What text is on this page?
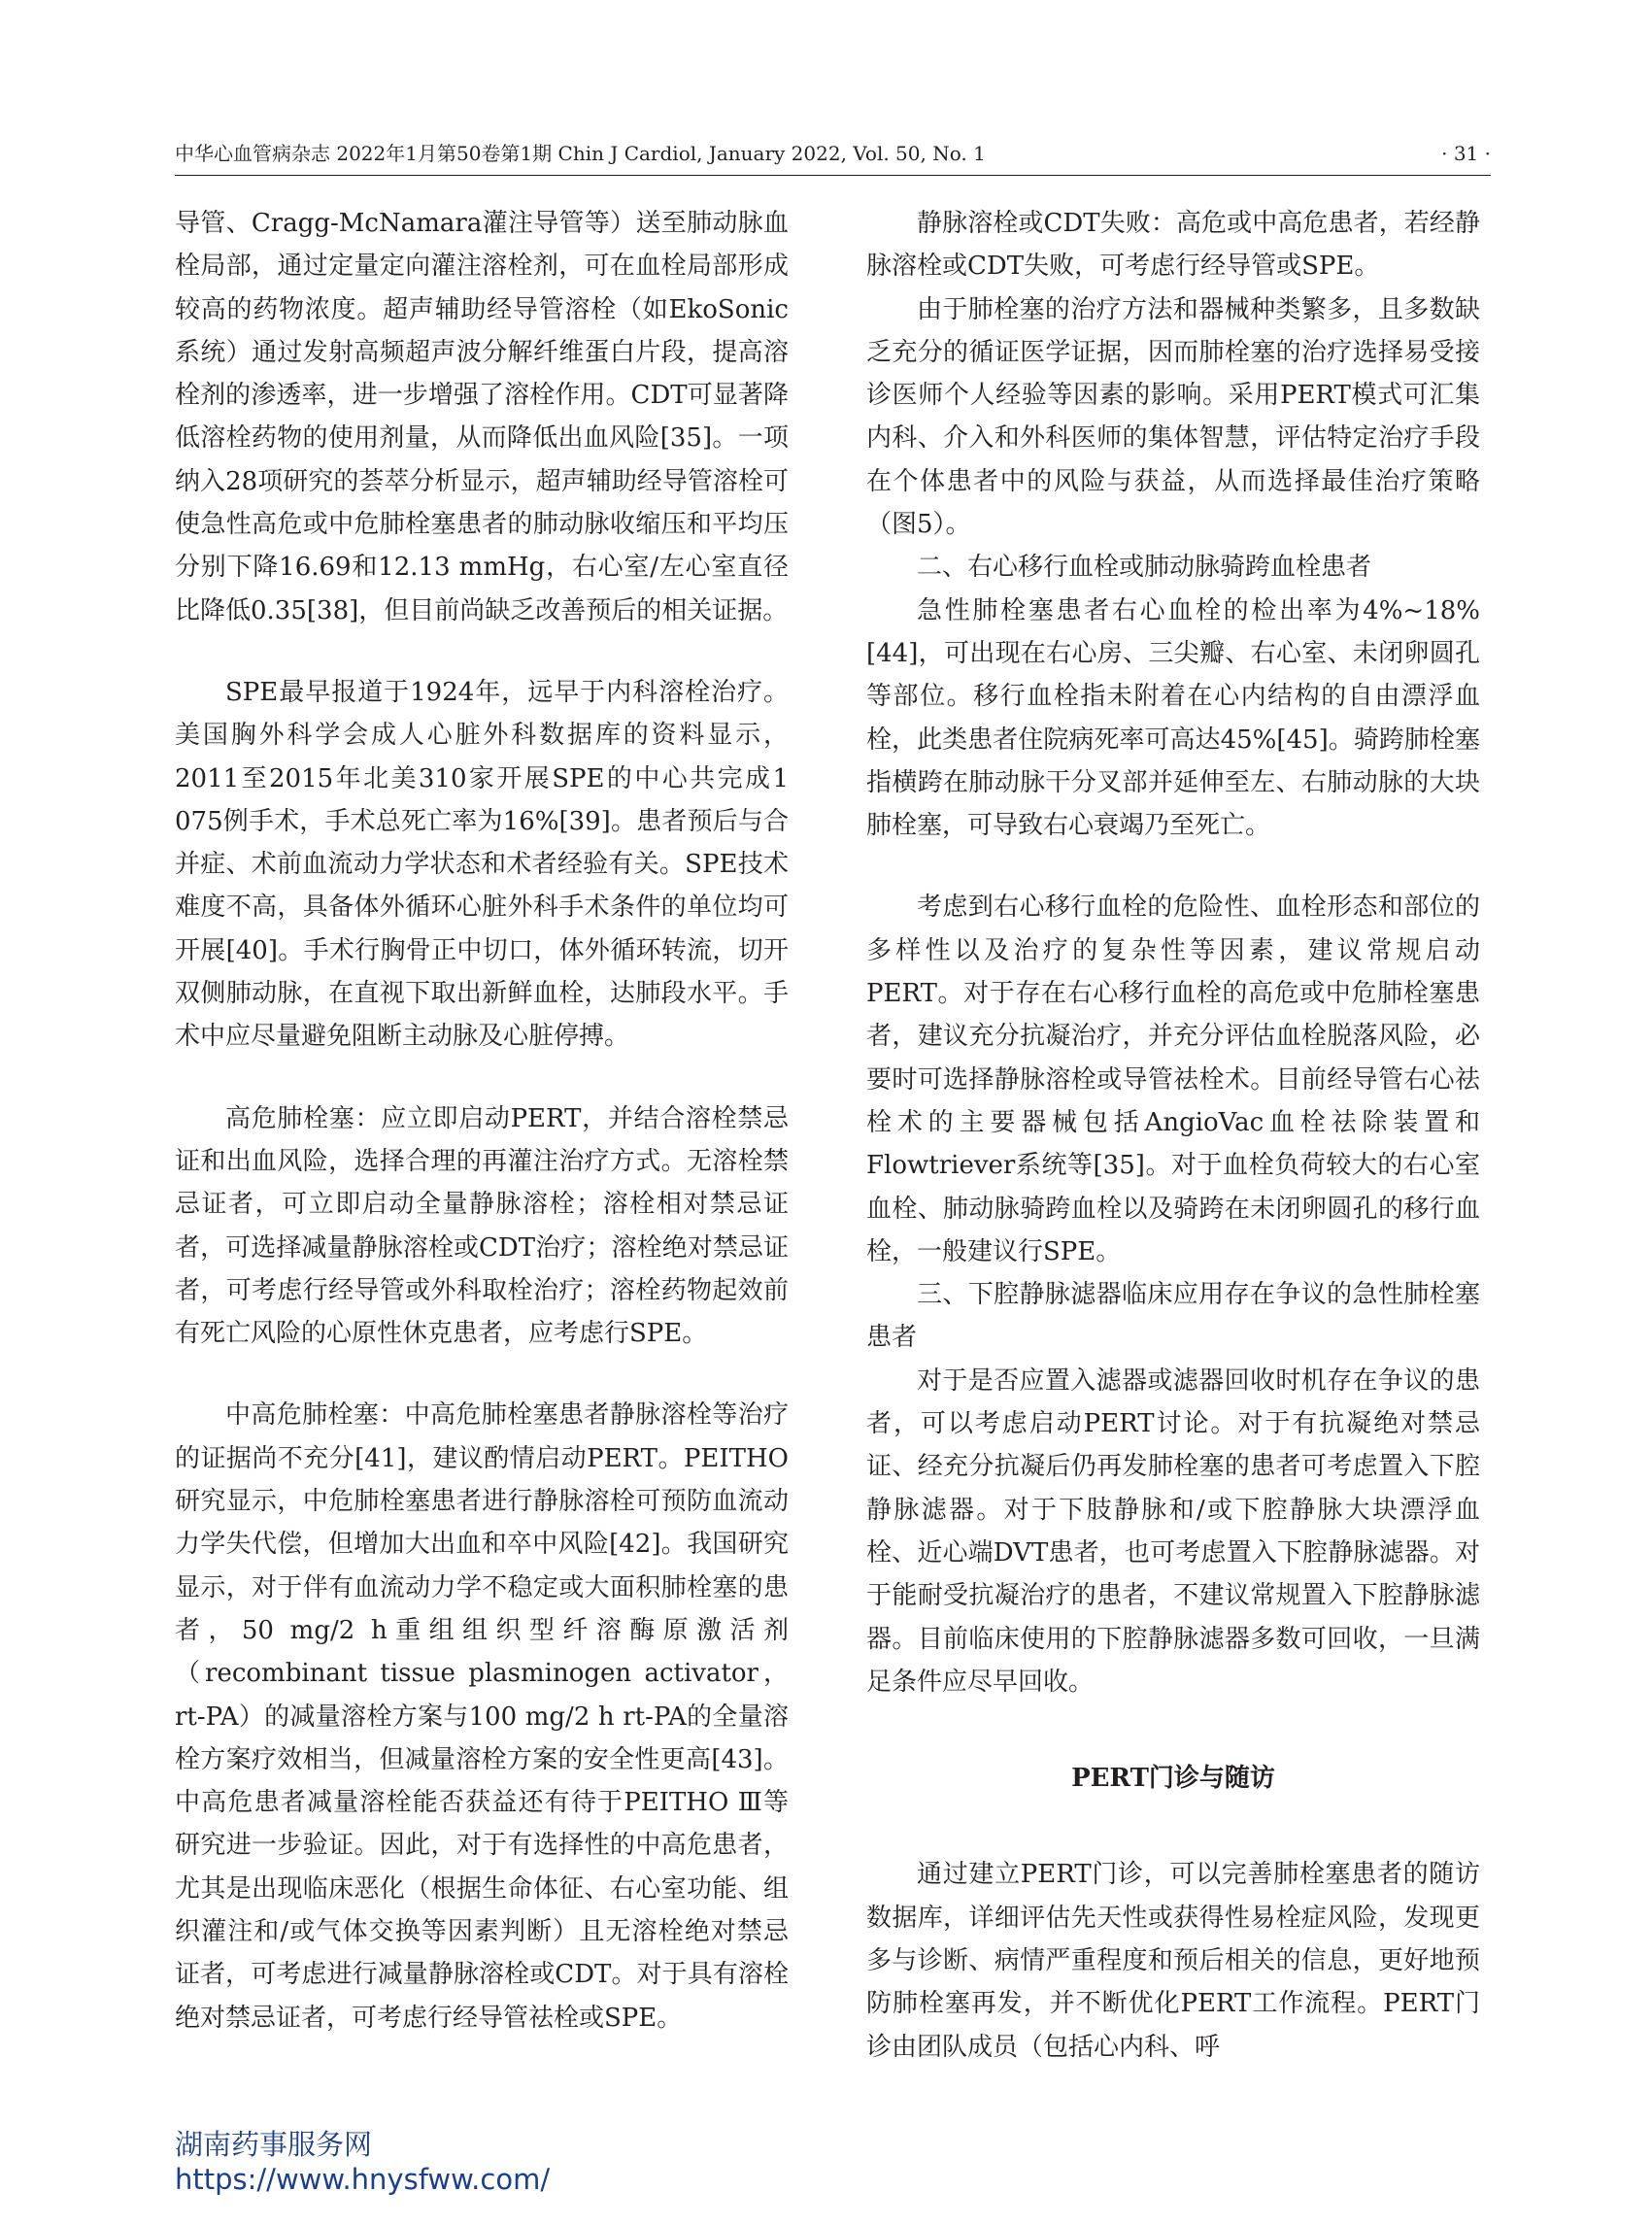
中华心血管病杂志 2022年1月第50卷第1期 Chin J Cardiol, January 2022, Vol. 50, No. 1	· 31 ·

导管、Cragg-McNamara灌注导管等）送至肺动脉血栓局部，通过定量定向灌注溶栓剂，可在血栓局部形成较高的药物浓度。超声辅助经导管溶栓（如EkoSonic系统）通过发射高频超声波分解纤维蛋白片段，提高溶栓剂的渗透率，进一步增强了溶栓作用。CDT可显著降低溶栓药物的使用剂量，从而降低出血风险[35]。一项纳入28项研究的荟萃分析显示，超声辅助经导管溶栓可使急性高危或中危肺栓塞患者的肺动脉收缩压和平均压分别下降16.69和12.13 mmHg，右心室/左心室直径比降低0.35[38]，但目前尚缺乏改善预后的相关证据。

SPE最早报道于1924年，远早于内科溶栓治疗。美国胸外科学会成人心脏外科数据库的资料显示，2011至2015年北美310家开展SPE的中心共完成1 075例手术，手术总死亡率为16%[39]。患者预后与合并症、术前血流动力学状态和术者经验有关。SPE技术难度不高，具备体外循环心脏外科手术条件的单位均可开展[40]。手术行胸骨正中切口，体外循环转流，切开双侧肺动脉，在直视下取出新鲜血栓，达肺段水平。手术中应尽量避免阻断主动脉及心脏停搏。

高危肺栓塞：应立即启动PERT，并结合溶栓禁忌证和出血风险，选择合理的再灌注治疗方式。无溶栓禁忌证者，可立即启动全量静脉溶栓；溶栓相对禁忌证者，可选择减量静脉溶栓或CDT治疗；溶栓绝对禁忌证者，可考虑行经导管或外科取栓治疗；溶栓药物起效前有死亡风险的心原性休克患者，应考虑行SPE。

中高危肺栓塞：中高危肺栓塞患者静脉溶栓等治疗的证据尚不充分[41]，建议酌情启动PERT。PEITHO研究显示，中危肺栓塞患者进行静脉溶栓可预防血流动力学失代偿，但增加大出血和卒中风险[42]。我国研究显示，对于伴有血流动力学不稳定或大面积肺栓塞的患者，50 mg/2 h重组组织型纤溶酶原激活剂（recombinant tissue plasminogen activator，rt-PA）的减量溶栓方案与100 mg/2 h rt-PA的全量溶栓方案疗效相当，但减量溶栓方案的安全性更高[43]。中高危患者减量溶栓能否获益还有待于PEITHO Ⅲ等研究进一步验证。因此，对于有选择性的中高危患者，尤其是出现临床恶化（根据生命体征、右心室功能、组织灌注和/或气体交换等因素判断）且无溶栓绝对禁忌证者，可考虑进行减量静脉溶栓或CDT。对于具有溶栓绝对禁忌证者，可考虑行经导管祛栓或SPE。

静脉溶栓或CDT失败：高危或中高危患者，若经静脉溶栓或CDT失败，可考虑行经导管或SPE。

由于肺栓塞的治疗方法和器械种类繁多，且多数缺乏充分的循证医学证据，因而肺栓塞的治疗选择易受接诊医师个人经验等因素的影响。采用PERT模式可汇集内科、介入和外科医师的集体智慧，评估特定治疗手段在个体患者中的风险与获益，从而选择最佳治疗策略（图5）。

二、右心移行血栓或肺动脉骑跨血栓患者

急性肺栓塞患者右心血栓的检出率为4%~18%[44]，可出现在右心房、三尖瓣、右心室、未闭卵圆孔等部位。移行血栓指未附着在心内结构的自由漂浮血栓，此类患者住院病死率可高达45%[45]。骑跨肺栓塞指横跨在肺动脉干分叉部并延伸至左、右肺动脉的大块肺栓塞，可导致右心衰竭乃至死亡。

考虑到右心移行血栓的危险性、血栓形态和部位的多样性以及治疗的复杂性等因素，建议常规启动PERT。对于存在右心移行血栓的高危或中危肺栓塞患者，建议充分抗凝治疗，并充分评估血栓脱落风险，必要时可选择静脉溶栓或导管祛栓术。目前经导管右心祛栓术的主要器械包括AngioVac血栓祛除装置和Flowtriever系统等[35]。对于血栓负荷较大的右心室血栓、肺动脉骑跨血栓以及骑跨在未闭卵圆孔的移行血栓，一般建议行SPE。

三、下腔静脉滤器临床应用存在争议的急性肺栓塞患者

对于是否应置入滤器或滤器回收时机存在争议的患者，可以考虑启动PERT讨论。对于有抗凝绝对禁忌证、经充分抗凝后仍再发肺栓塞的患者可考虑置入下腔静脉滤器。对于下肢静脉和/或下腔静脉大块漂浮血栓、近心端DVT患者，也可考虑置入下腔静脉滤器。对于能耐受抗凝治疗的患者，不建议常规置入下腔静脉滤器。目前临床使用的下腔静脉滤器多数可回收，一旦满足条件应尽早回收。

PERT门诊与随访

通过建立PERT门诊，可以完善肺栓塞患者的随访数据库，详细评估先天性或获得性易栓症风险，发现更多与诊断、病情严重程度和预后相关的信息，更好地预防肺栓塞再发，并不断优化PERT工作流程。PERT门诊由团队成员（包括心内科、呼

湖南药事服务网
https://www.hnysfww.com/
